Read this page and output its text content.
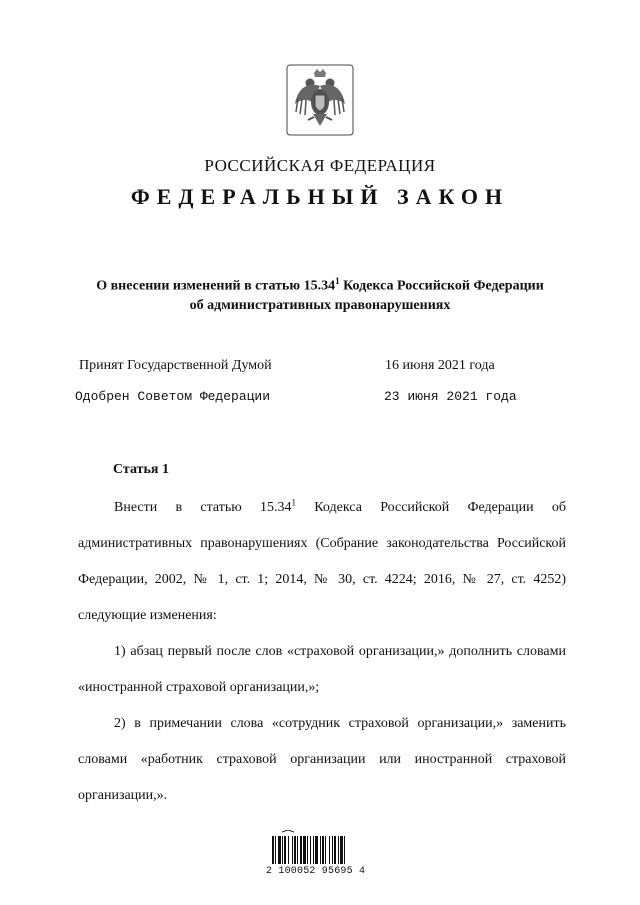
РОССИЙСКАЯ ФЕДЕРАЦИЯ
ФЕДЕРАЛЬНЫЙ ЗАКОН
О внесении изменений в статью 15.34$^1$ Кодекса Российской Федерации
об административных правонарушениях
Принят Государственной Думой	16 июня 2021 года
Одобрен Советом Федерации	23 июня 2021 года
Статья 1
Внести в статью 15.34$^1$ Кодекса Российской Федерации об административных правонарушениях (Собрание законодательства Российской Федерации, 2002, № 1, ст. 1; 2014, № 30, ст. 4224; 2016, № 27, ст. 4252) следующие изменения:
1) абзац первый после слов «страховой организации,» дополнить словами «иностранной страховой организации,»;
2) в примечании слова «сотрудник страховой организации,» заменить словами «работник страховой организации или иностранной страховой организации,».
2 100052 95695 4
